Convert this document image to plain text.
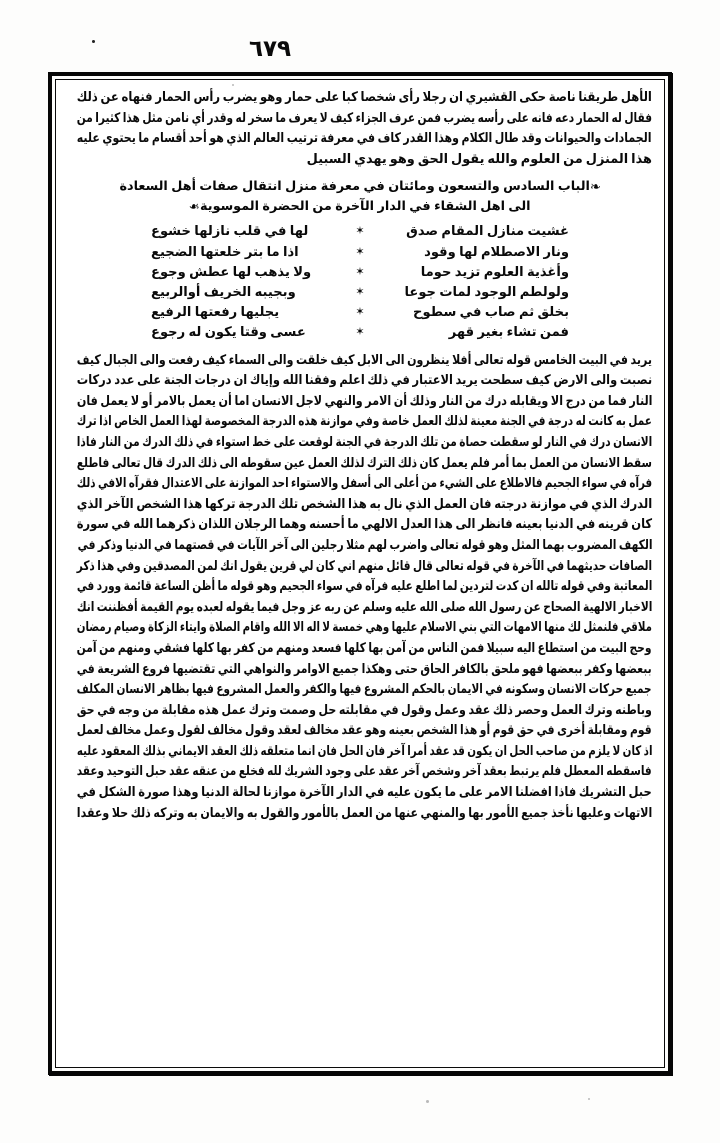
٦٧٩
الأهل طريقنا ناصة حكى القشيري ان رجلا رأى شخصا كبا على حمار وهو يضرب رأس الحمار فنهاه عن ذلك
فقال له الحمار دعه فانه على رأسه يضرب فمن عرف الجزاء كيف لا يعرف ما سخر له وقدر أي نامن مثل هذا كثيرا من
الجمادات والحيوانات وقد طال الكلام وهذا القدر كاف في معرفة ترتيب العالم الذي هو أحد أقسام ما يحتوي عليه
هذا المنزل من العلوم والله يقول الحق وهو يهدي السبيل
❧الباب السادس والتسعون ومائتان في معرفة منزل انتقال صفات أهل السعادة
الى اهل الشقاء في الدار الآخرة من الحضرة الموسوية❧
غشيت منازل المقام صدق
✶
لها في قلب نازلها خشوع
ونار الاصطلام لها وقود
✶
اذا ما بتر خلعتها الضجيع
وأغذية العلوم تزيد حوما
✶
ولا يذهب لها عطش وجوع
ولولطم الوجود لمات جوعا
✶
وبجيبه الخريف أوالربيع
بخلق ثم صاب في سطوح
✶
يجليها رفعتها الرفيع
فمن تشاء بغير قهر
✶
عسى وقتا يكون له رجوع
يريد في البيت الخامس قوله تعالى أفلا ينظرون الى الابل كيف خلقت والى السماء كيف رفعت والى الجبال كيف
نصبت والى الارض كيف سطحت يريد الاعتبار في ذلك اعلم وفقنا الله وإياك ان درجات الجنة على عدد دركات
النار فما من درج الا ويقابله درك من النار وذلك أن الامر والنهي لاجل الانسان اما أن يعمل بالامر أو لا يعمل فان
عمل به كانت له درجة في الجنة معينة لذلك العمل خاصة وفي موازنة هذه الدرجة المخصوصة لهذا العمل الخاص اذا ترك
الانسان درك في النار لو سقطت حصاة من تلك الدرجة في الجنة لوقعت على خط استواء في ذلك الدرك من النار فاذا
سقط الانسان من العمل بما أمر فلم يعمل كان ذلك الترك لذلك العمل عين سقوطه الى ذلك الدرك قال تعالى فاطلع
فرآه في سواء الجحيم فالاطلاع على الشيء من أعلى الى أسفل والاستواء احد الموازنة على الاعتدال فقرآه الافي ذلك
الدرك الذي في موازنة درجته فان العمل الذي نال به هذا الشخص تلك الدرجة تركها هذا الشخص الآخر الذي
كان قرينه في الدنيا بعينه فانظر الى هذا العدل الالهي ما أحسنه وهما الرجلان اللذان ذكرهما الله في سورة
الكهف المضروب بهما المثل وهو قوله تعالى واضرب لهم مثلا رجلين الى آخر الآيات في قصتهما في الدنيا وذكر في
الصافات حديثهما في الآخرة في قوله تعالى قال قائل منهم اني كان لي قرين يقول انك لمن المصدقين وفي هذا ذكر
المعاتبة وفي قوله تالله ان كدت لتردين لما اطلع عليه فرآه في سواء الجحيم وهو قوله ما أظن الساعة قائمة وورد في
الاخبار الالهية الصحاح عن رسول الله صلى الله عليه وسلم عن ربه عز وجل فيما يقوله لعبده يوم القيمة أفظننت انك
ملاقي فلنمثل لك منها الامهات التي بني الاسلام عليها وهي خمسة لا اله الا الله واقام الصلاة وايتاء الزكاة وصيام رمضان
وحج البيت من استطاع اليه سبيلا فمن الناس من آمن بها كلها فسعد ومنهم من كفر بها كلها فشقي ومنهم من آمن
ببعضها وكفر ببعضها فهو ملحق بالكافر الحاق حتى وهكذا جميع الاوامر والنواهي التي تقتضيها فروع الشريعة في
جميع حركات الانسان وسكونه في الايمان بالحكم المشروع فيها والكفر والعمل المشروع فيها بظاهر الانسان المكلف
وباطنه وترك العمل وحصر ذلك عقد وعمل وقول في مقابلته حل وصمت وترك عمل هذه مقابلة من وجه في حق
قوم ومقابلة أخرى في حق قوم أو هذا الشخص بعينه وهو عقد مخالف لعقد وقول مخالف لقول وعمل مخالف لعمل
اذ كان لا يلزم من صاحب الحل ان يكون قد عقد أمرا آخر فان الحل فان انما متعلقه ذلك العقد الايماني بذلك المعقود عليه
فاسقطه المعطل فلم يرتبط بعقد آخر وشخص آخر عقد على وجود الشريك لله فخلع من عنقه عقد حبل التوحيد وعقد
حبل التشريك فاذا افضلنا الامر على ما يكون عليه في الدار الآخرة موازنا لحالة الدنيا وهذا صورة الشكل في
الاتهات وعليها نأخذ جميع الأمور بها والمنهي عنها من العمل بالأمور والقول به والايمان به وتركه ذلك حلا وعقدا
